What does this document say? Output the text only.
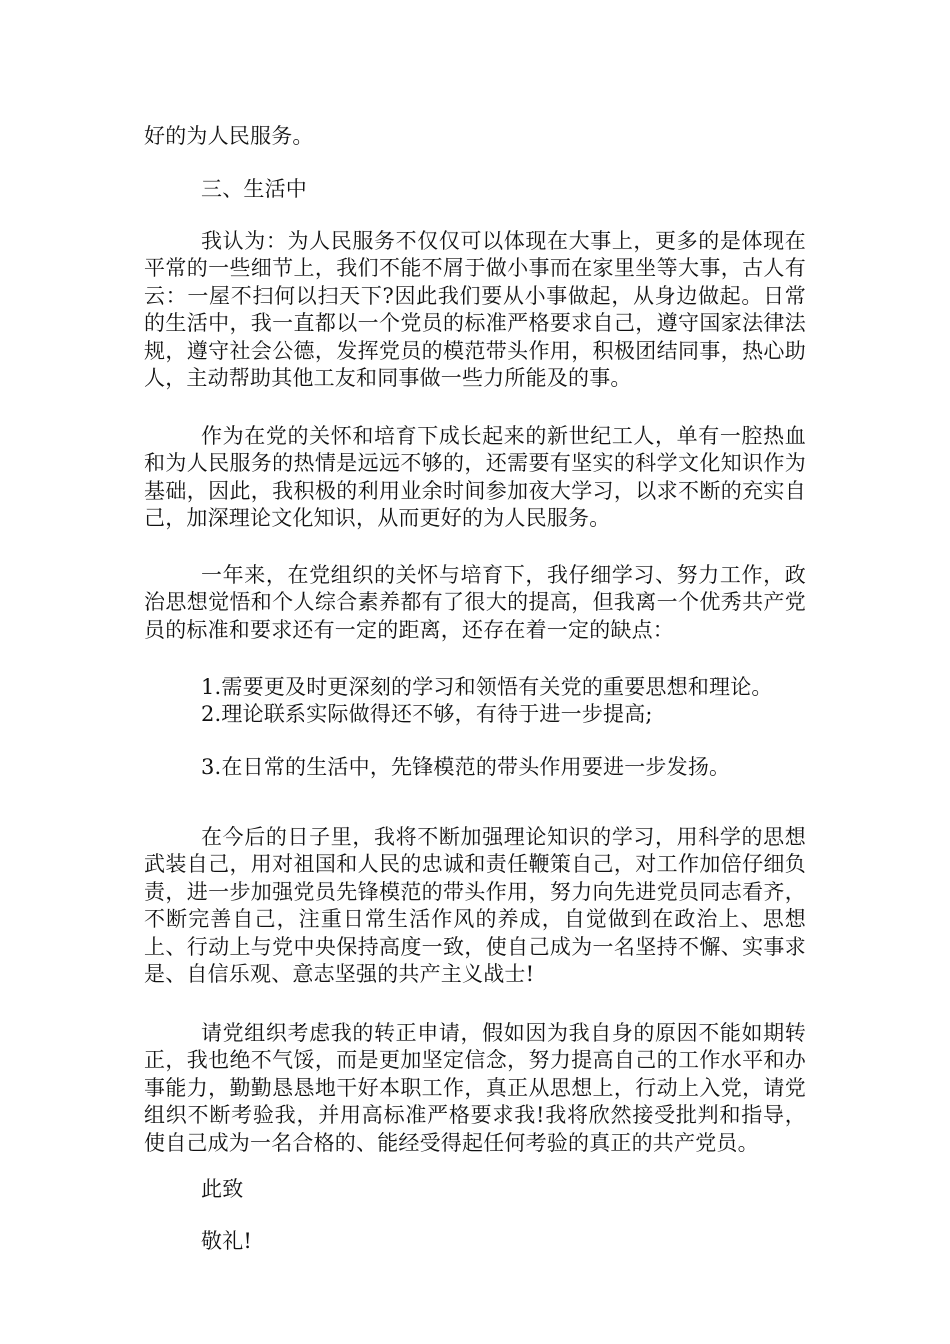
好的为人民服务。

三、生活中

我认为：为人民服务不仅仅可以体现在大事上，更多的是体现在平常的一些细节上，我们不能不屑于做小事而在家里坐等大事，古人有云：一屋不扫何以扫天下?因此我们要从小事做起，从身边做起。日常的生活中，我一直都以一个党员的标准严格要求自己，遵守国家法律法规，遵守社会公德，发挥党员的模范带头作用，积极团结同事，热心助人，主动帮助其他工友和同事做一些力所能及的事。

作为在党的关怀和培育下成长起来的新世纪工人，单有一腔热血和为人民服务的热情是远远不够的，还需要有坚实的科学文化知识作为基础，因此，我积极的利用业余时间参加夜大学习，以求不断的充实自己，加深理论文化知识，从而更好的为人民服务。

一年来，在党组织的关怀与培育下，我仔细学习、努力工作，政治思想觉悟和个人综合素养都有了很大的提高，但我离一个优秀共产党员的标准和要求还有一定的距离，还存在着一定的缺点：

1.需要更及时更深刻的学习和领悟有关党的重要思想和理论。

2.理论联系实际做得还不够，有待于进一步提高;

3.在日常的生活中，先锋模范的带头作用要进一步发扬。

在今后的日子里，我将不断加强理论知识的学习，用科学的思想武装自己，用对祖国和人民的忠诚和责任鞭策自己，对工作加倍仔细负责，进一步加强党员先锋模范的带头作用，努力向先进党员同志看齐，不断完善自己，注重日常生活作风的养成，自觉做到在政治上、思想上、行动上与党中央保持高度一致，使自己成为一名坚持不懈、实事求是、自信乐观、意志坚强的共产主义战士!

请党组织考虑我的转正申请，假如因为我自身的原因不能如期转正，我也绝不气馁，而是更加坚定信念，努力提高自己的工作水平和办事能力，勤勤恳恳地干好本职工作，真正从思想上，行动上入党，请党组织不断考验我，并用高标准严格要求我!我将欣然接受批判和指导，使自己成为一名合格的、能经受得起任何考验的真正的共产党员。

此致

敬礼!
